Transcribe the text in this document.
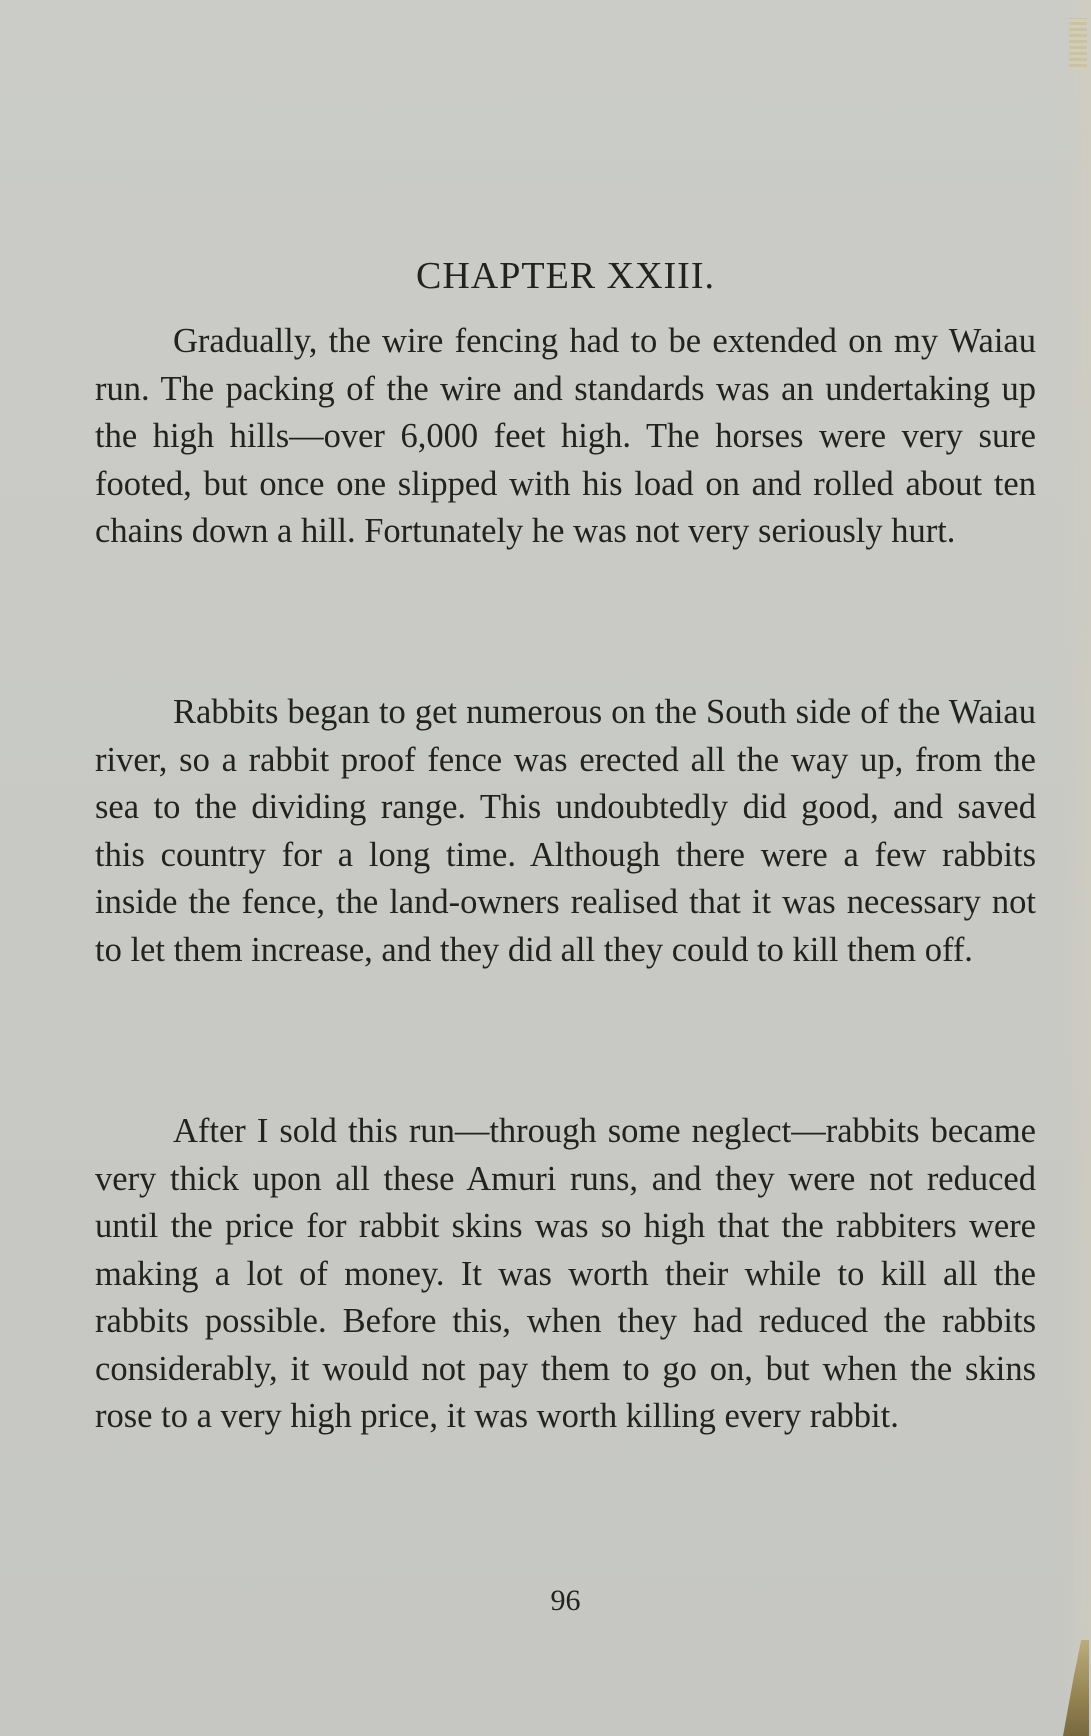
CHAPTER XXIII.

Gradually, the wire fencing had to be extended on my Waiau run. The packing of the wire and standards was an undertaking up the high hills—over 6,000 feet high. The horses were very sure footed, but once one slipped with his load on and rolled about ten chains down a hill. Fortunately he was not very seriously hurt.

Rabbits began to get numerous on the South side of the Waiau river, so a rabbit proof fence was erected all the way up, from the sea to the dividing range. This undoubtedly did good, and saved this country for a long time. Although there were a few rabbits inside the fence, the land-owners realised that it was necessary not to let them increase, and they did all they could to kill them off.

After I sold this run—through some neglect—rabbits became very thick upon all these Amuri runs, and they were not reduced until the price for rabbit skins was so high that the rabbiters were making a lot of money. It was worth their while to kill all the rabbits possible. Before this, when they had reduced the rabbits considerably, it would not pay them to go on, but when the skins rose to a very high price, it was worth killing every rabbit.

96
